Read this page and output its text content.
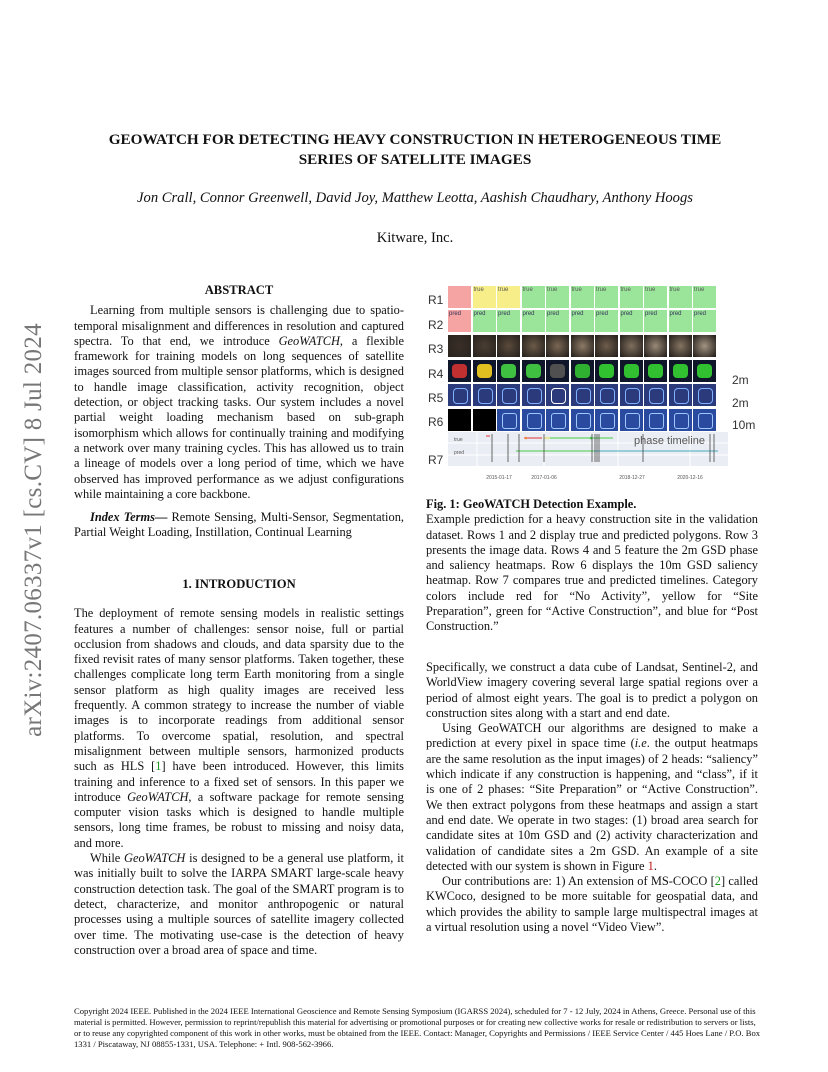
arXiv:2407.06337v1 [cs.CV] 8 Jul 2024
GEOWATCH FOR DETECTING HEAVY CONSTRUCTION IN HETEROGENEOUS TIME
SERIES OF SATELLITE IMAGES
Jon Crall, Connor Greenwell, David Joy, Matthew Leotta, Aashish Chaudhary, Anthony Hoogs
Kitware, Inc.
ABSTRACT

Learning from multiple sensors is challenging due to spatio-temporal misalignment and differences in resolution and captured spectra. To that end, we introduce GeoWATCH, a flexible framework for training models on long sequences of satellite images sourced from multiple sensor platforms, which is designed to handle image classification, activity recognition, object detection, or object tracking tasks. Our system includes a novel partial weight loading mechanism based on sub-graph isomorphism which allows for continually training and modifying a network over many training cycles. This has allowed us to train a lineage of models over a long period of time, which we have observed has improved performance as we adjust configurations while maintaining a core backbone.

Index Terms— Remote Sensing, Multi-Sensor, Segmentation, Partial Weight Loading, Instillation, Continual Learning

1. INTRODUCTION

The deployment of remote sensing models in realistic settings features a number of challenges: sensor noise, full or partial occlusion from shadows and clouds, and data sparsity due to the fixed revisit rates of many sensor platforms. Taken together, these challenges complicate long term Earth monitoring from a single sensor platform as high quality images are received less frequently. A common strategy to increase the number of viable images is to incorporate readings from additional sensor platforms. To overcome spatial, resolution, and spectral misalignment between multiple sensors, harmonized products such as HLS [1] have been introduced. However, this limits training and inference to a fixed set of sensors. In this paper we introduce GeoWATCH, a software package for remote sensing computer vision tasks which is designed to handle multiple sensors, long time frames, be robust to missing and noisy data, and more.

While GeoWATCH is designed to be a general use platform, it was initially built to solve the IARPA SMART large-scale heavy construction detection task. The goal of the SMART program is to detect, characterize, and monitor anthropogenic or natural processes using a multiple sources of satellite imagery collected over time. The motivating use-case is the detection of heavy construction over a broad area of space and time.

R1
R2
R3
R4
R5
R6
R7
2m
2m
10m
true true true true true true true true true true
pred pred pred pred pred pred pred pred pred pred pred
true
pred
phase timeline
2015-01-17	2017-01-06	2018-12-27	2020-12-16
Fig. 1: GeoWATCH Detection Example.

Example prediction for a heavy construction site in the validation dataset. Rows 1 and 2 display true and predicted polygons. Row 3 presents the image data. Rows 4 and 5 feature the 2m GSD phase and saliency heatmaps. Row 6 displays the 10m GSD saliency heatmap. Row 7 compares true and predicted timelines. Category colors include red for “No Activity”, yellow for “Site Preparation”, green for “Active Construction”, and blue for “Post Construction.”

Specifically, we construct a data cube of Landsat, Sentinel-2, and WorldView imagery covering several large spatial regions over a period of almost eight years. The goal is to predict a polygon on construction sites along with a start and end date.

Using GeoWATCH our algorithms are designed to make a prediction at every pixel in space time (i.e. the output heatmaps are the same resolution as the input images) of 2 heads: “saliency” which indicate if any construction is happening, and “class”, if it is one of 2 phases: “Site Preparation” or “Active Construction”. We then extract polygons from these heatmaps and assign a start and end date. We operate in two stages: (1) broad area search for candidate sites at 10m GSD and (2) activity characterization and validation of candidate sites a 2m GSD. An example of a site detected with our system is shown in Figure 1.

Our contributions are: 1) An extension of MS-COCO [2] called KWCoco, designed to be more suitable for geospatial data, and which provides the ability to sample large multispectral images at a virtual resolution using a novel “Video View”.

Copyright 2024 IEEE. Published in the 2024 IEEE International Geoscience and Remote Sensing Symposium (IGARSS 2024), scheduled for 7 - 12 July, 2024 in Athens, Greece. Personal use of this material is permitted. However, permission to reprint/republish this material for advertising or promotional purposes or for creating new collective works for resale or redistribution to servers or lists, or to reuse any copyrighted component of this work in other works, must be obtained from the IEEE. Contact: Manager, Copyrights and Permissions / IEEE Service Center / 445 Hoes Lane / P.O. Box 1331 / Piscataway, NJ 08855-1331, USA. Telephone: + Intl. 908-562-3966.
